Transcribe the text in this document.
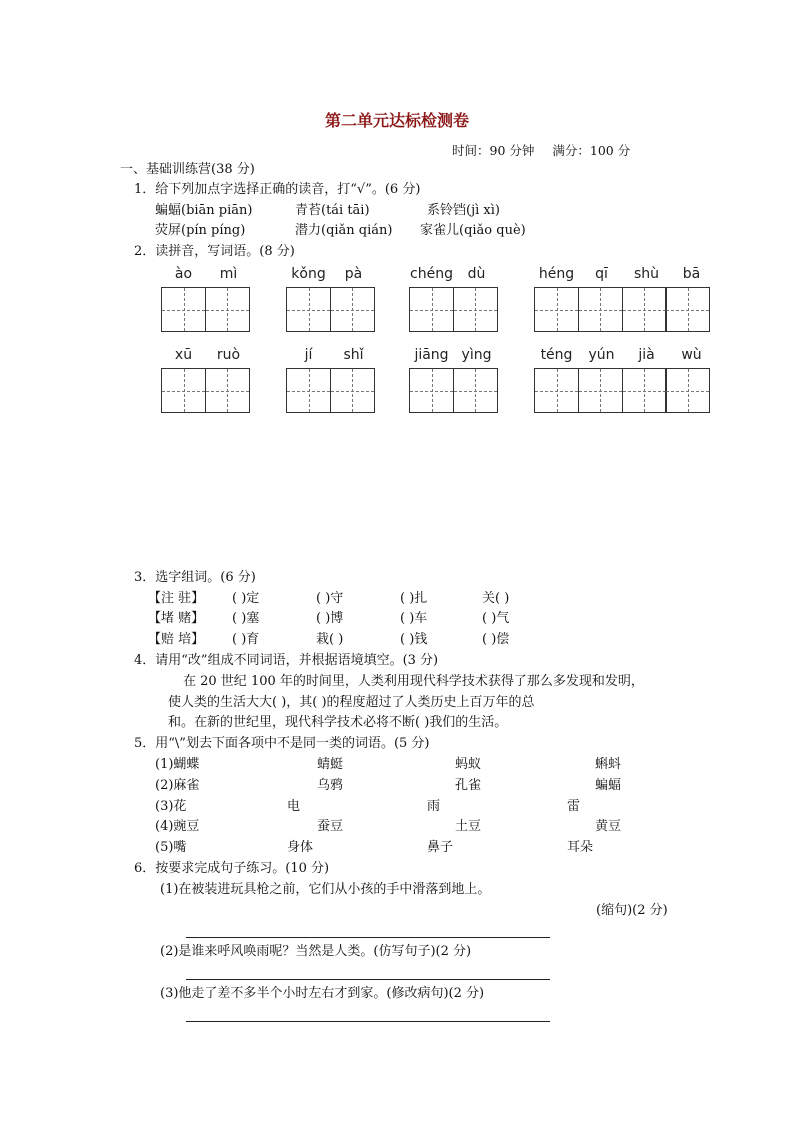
第二单元达标检测卷
时间：90 分钟 满分：100 分
一、基础训练营(38 分)
1．给下列加点字选择正确的读音，打“√”。(6 分)
蝙蝠(biān piān)	青苔(tái tāi)	系铃铛(jì xì)
荧屏(pín píng)	潜力(qiǎn qián)	家雀儿(qiǎo què)
2．读拼音，写词语。(8 分)
ào	mì	kǒng	pà	chéng	dù	héng	qī	shù	bā
xū	ruò	jí	shǐ	jiāng yìng	téng	yún	jià	wù
3．选字组词。(6 分)
【注 驻】	( )定	( )守	( )扎	关( )
【堵 赌】	( )塞	( )博	( )车	( )气
【赔 培】	( )育	栽( )	( )钱	( )偿
4．请用“改”组成不同词语，并根据语境填空。(3 分)
在 20 世纪 100 年的时间里，人类利用现代科学技术获得了那么多发现和发明，
使人类的生活大大( )，其( )的程度超过了人类历史上百万年的总
和。在新的世纪里，现代科学技术必将不断( )我们的生活。
5．用“\”划去下面各项中不是同一类的词语。(5 分)
(1)蝴蝶	蜻蜓	蚂蚁	蝌蚪
(2)麻雀	乌鸦	孔雀	蝙蝠
(3)花	电	雨	雷
(4)豌豆	蚕豆	土豆	黄豆
(5)嘴	身体	鼻子	耳朵
6．按要求完成句子练习。(10 分)
(1)在被装进玩具枪之前，它们从小孩的手中滑落到地上。
(缩句)(2 分)
(2)是谁来呼风唤雨呢？当然是人类。(仿写句子)(2 分)
(3)他走了差不多半个小时左右才到家。(修改病句)(2 分)
